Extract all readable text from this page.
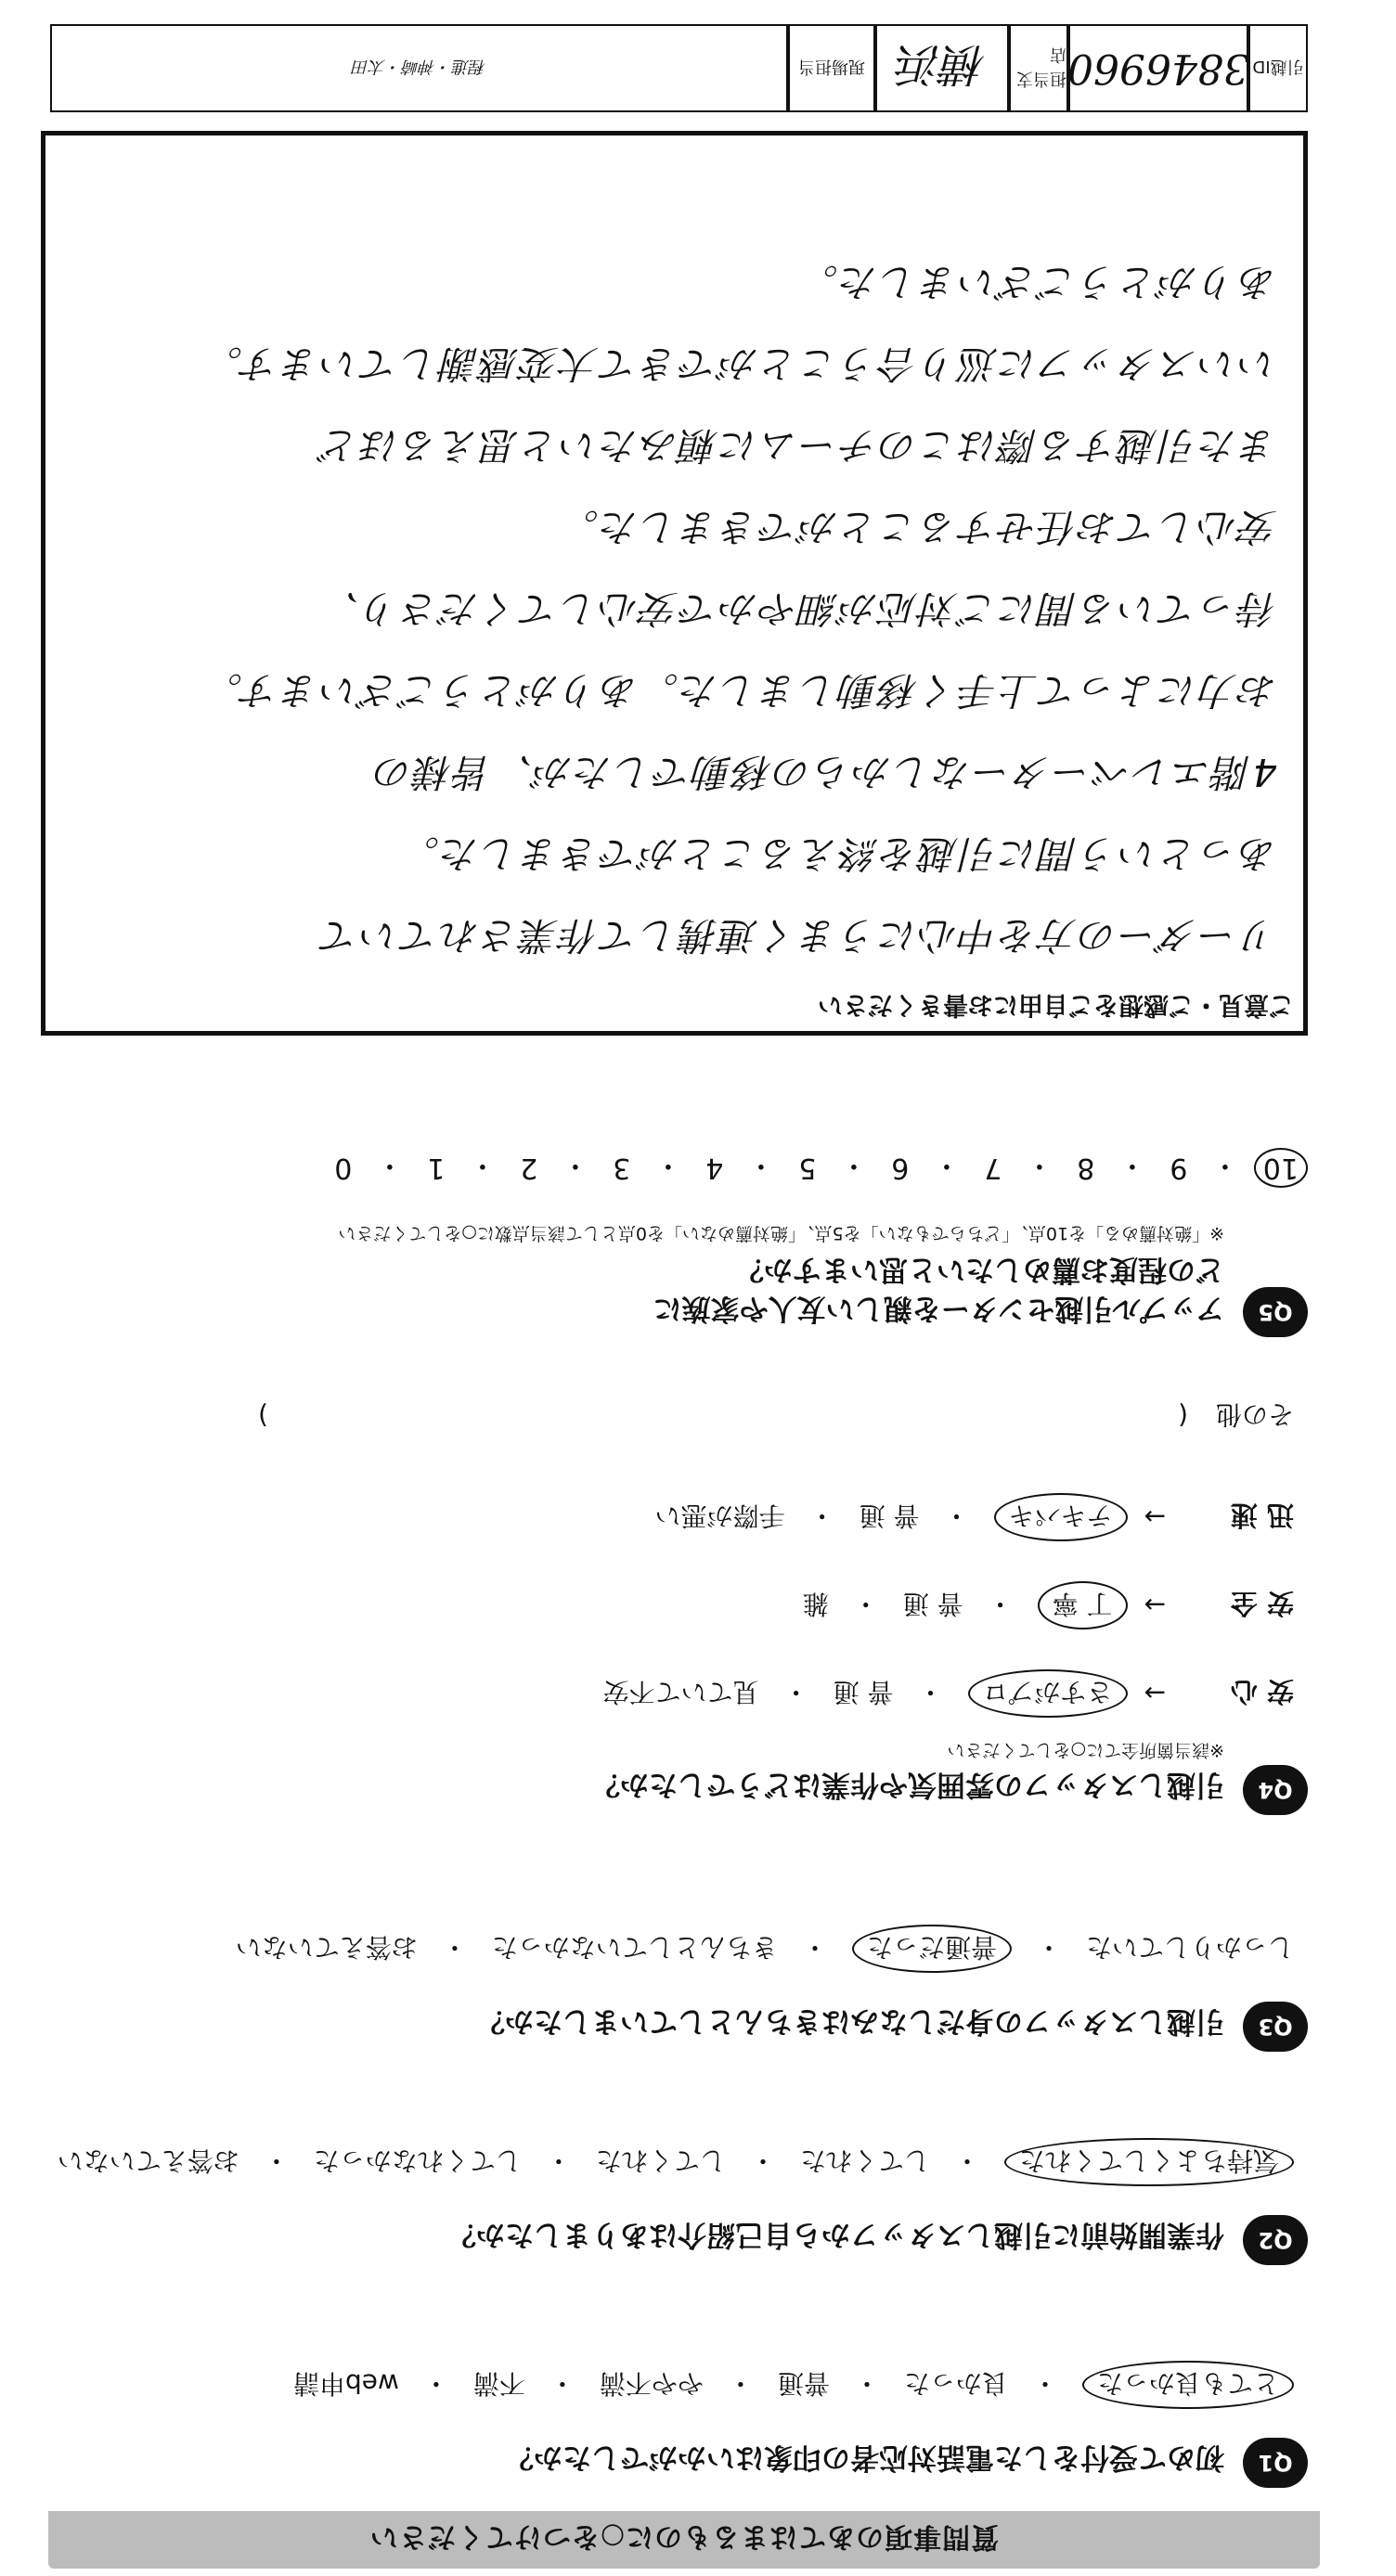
質問事項のあてはまるものに○をつけてください
Q1
初めて受付をした電話対応者の印象はいかがでしたか？
とても良かった
・
良かった
・
普通
・
やや不満
・
不満
・
web申請
Q2
作業開始前に引越しスタッフから自己紹介はありましたか？
気持ちよくしてくれた
・
してくれた
・
してくれた
・
してくれなかった
・
お答えていない
Q3
引越しスタッフの身だしなみはきちんとしていましたか？
しっかりしていた
・
普通だった
・
きちんとしていなかった
・
お答えていない
Q4
引越しスタッフの雰囲気や作業はどうでしたか？
※該当箇所全てに○をしてください
安 心
→
さすがプロ
・
普 通
・
見ていて不安
安 全
→
丁 寧
・
普 通
・
雑
迅 速
→
テキパキ
・
普 通
・
手際が悪い
その他
(
)
Q5
アップル引越センターを親しい友人や家族に
どの程度お薦めしたいと思いますか？
※「絶対薦める」を10点、「どちらでもない」を5点、「絶対薦めない」を0点として該当点数に○をしてください
10
・
9
・
8
・
7
・
6
・
5
・
4
・
3
・
2
・
1
・
0
ご意見・ご感想をご自由にお書きください
リーダーの方を中心にうまく連携して作業されていて
あっという間に引越を終えることができました。
4階エレベーターなしからの移動でしたが、皆様の
お力によって上手く移動しました。ありがとうございます。
待っている間にご対応が細やかで安心してくださり、
安心してお任せすることができました。
また引越する際はこのチームに頼みたいと思えるほど
いいスタッフに巡り合うことができて大変感謝しています。
ありがとうございました。
引越ID
3846960
担当支店
横浜
現場担当
程進・神崎・太田
